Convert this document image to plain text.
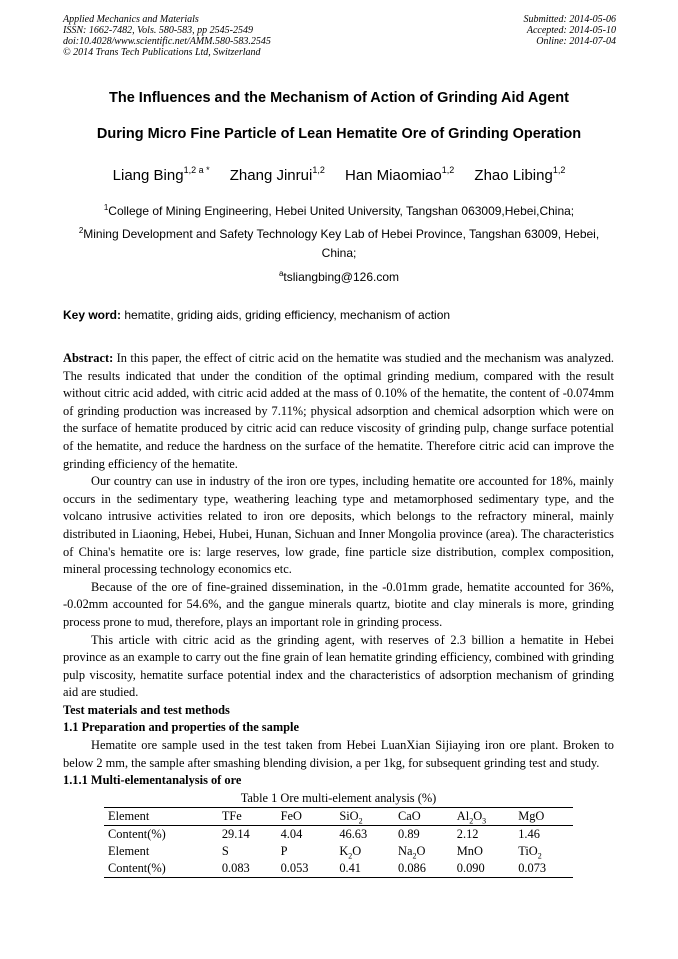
Applied Mechanics and Materials
ISSN: 1662-7482, Vols. 580-583, pp 2545-2549
doi:10.4028/www.scientific.net/AMM.580-583.2545
© 2014 Trans Tech Publications Ltd, Switzerland
Submitted: 2014-05-06
Accepted: 2014-05-10
Online: 2014-07-04
The Influences and the Mechanism of Action of Grinding Aid Agent
During Micro Fine Particle of Lean Hematite Ore of Grinding Operation
Liang Bing$^{1,2 a *}$ Zhang Jinrui$^{1,2}$ Han Miaomiao$^{1,2}$ Zhao Libing$^{1,2}$
$^1$College of Mining Engineering, Hebei United University, Tangshan 063009,Hebei,China;
$^2$Mining Development and Safety Technology Key Lab of Hebei Province, Tangshan 63009, Hebei, China;
$^a$tsliangbing@126.com
Key word: hematite, griding aids, griding efficiency, mechanism of action

Abstract: In this paper, the effect of citric acid on the hematite was studied and the mechanism was analyzed. The results indicated that under the condition of the optimal grinding medium, compared with the result without citric acid added, with citric acid added at the mass of 0.10% of the hematite, the content of -0.074mm of grinding production was increased by 7.11%; physical adsorption and chemical adsorption which were on the surface of hematite produced by citric acid can reduce viscosity of grinding pulp, change surface potential of the hematite, and reduce the hardness on the surface of the hematite. Therefore citric acid can improve the grinding efficiency of the hematite.

Our country can use in industry of the iron ore types, including hematite ore accounted for 18%, mainly occurs in the sedimentary type, weathering leaching type and metamorphosed sedimentary type, and the volcano intrusive activities related to iron ore deposits, which belongs to the refractory mineral, mainly distributed in Liaoning, Hebei, Hubei, Hunan, Sichuan and Inner Mongolia province (area). The characteristics of China's hematite ore is: large reserves, low grade, fine particle size distribution, complex composition, mineral processing technology economics etc.

Because of the ore of fine-grained dissemination, in the -0.01mm grade, hematite accounted for 36%, -0.02mm accounted for 54.6%, and the gangue minerals quartz, biotite and clay minerals is more, grinding process prone to mud, therefore, plays an important role in grinding process.

This article with citric acid as the grinding agent, with reserves of 2.3 billion a hematite in Hebei province as an example to carry out the fine grain of lean hematite grinding efficiency, combined with grinding pulp viscosity, hematite surface potential index and the characteristics of adsorption mechanism of grinding aid are studied.

Test materials and test methods
1.1 Preparation and properties of the sample

Hematite ore sample used in the test taken from Hebei LuanXian Sijiaying iron ore plant. Broken to below 2 mm, the sample after smashing blending division, a per 1kg, for subsequent grinding test and study.

1.1.1 Multi-elementanalysis of ore
Table 1 Ore multi-element analysis (%)
Element	TFe	FeO	SiO$_2$	CaO	$Al_2O_3$	MgO
Content(%)	29.14	4.04	46.63	0.89	2.12	1.46
Element	S	P	$K_2O$	$Na_2O$	MnO	TiO$_2$
Content(%)	0.083	0.053	0.41	0.086	0.090	0.073
